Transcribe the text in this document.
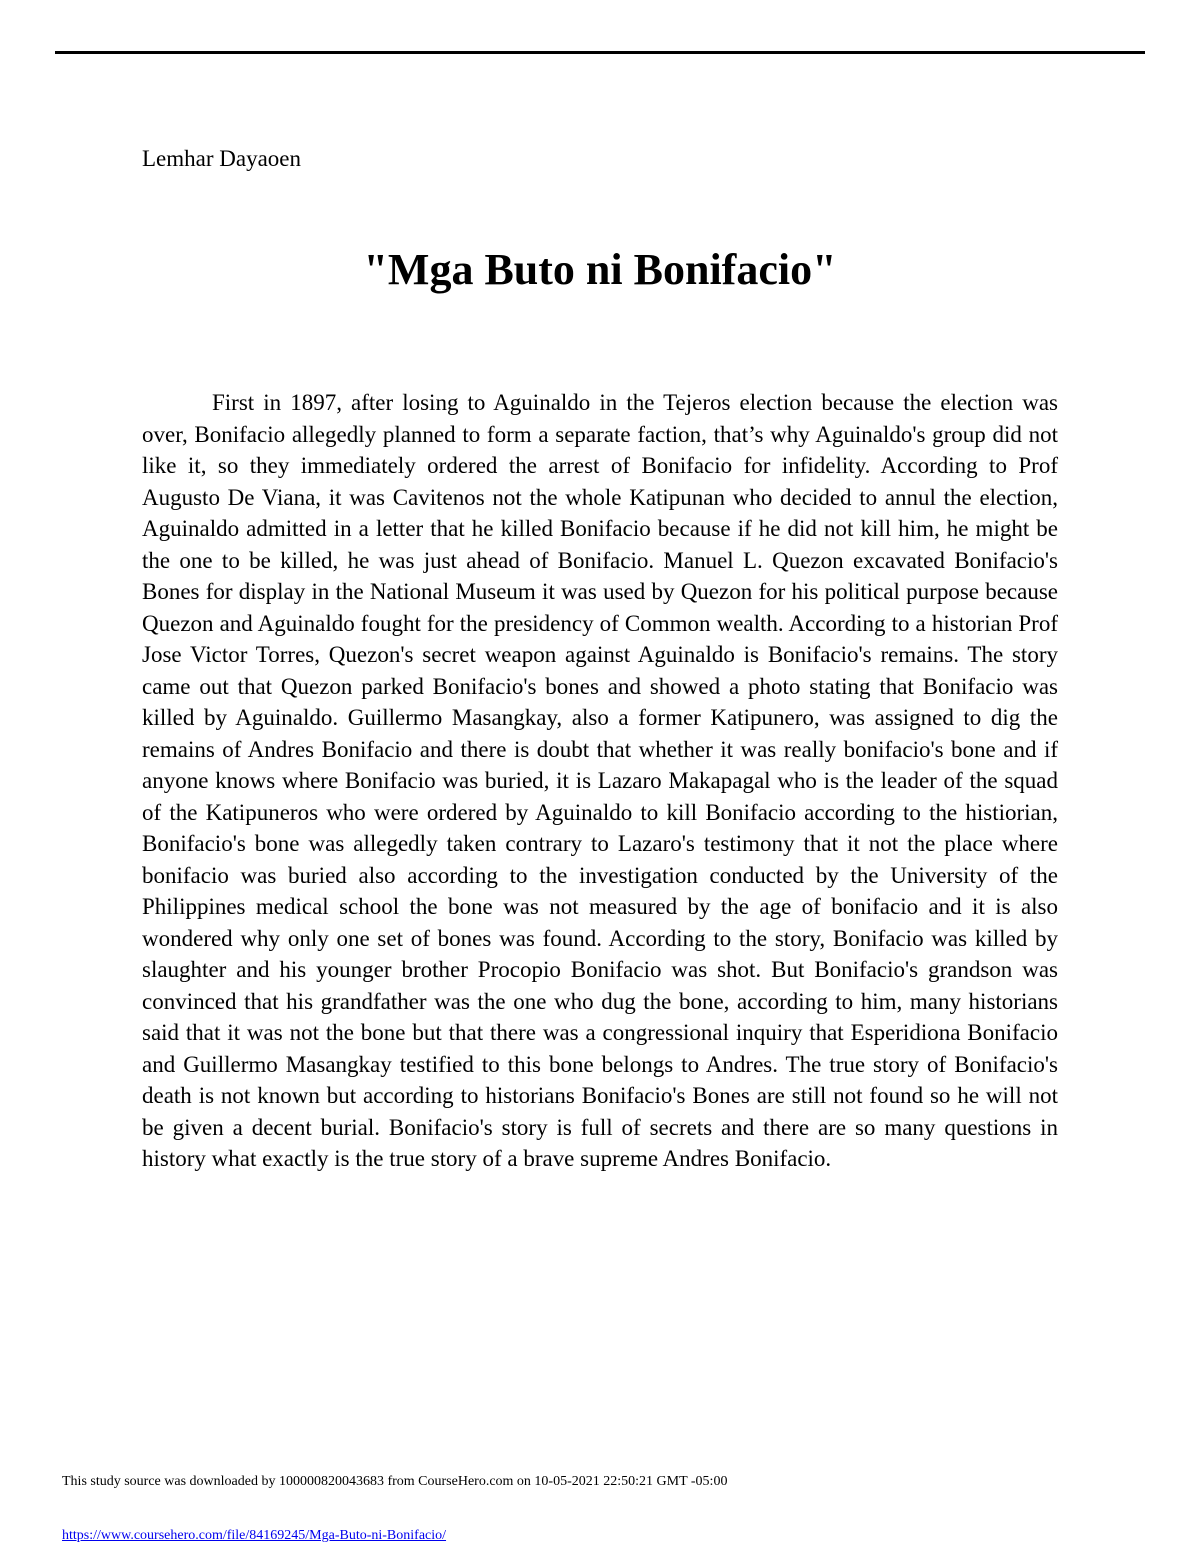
Lemhar Dayaoen
"Mga Buto ni Bonifacio"

First in 1897, after losing to Aguinaldo in the Tejeros election because the election was over, Bonifacio allegedly planned to form a separate faction, that’s why Aguinaldo's group did not like it, so they immediately ordered the arrest of Bonifacio for infidelity. According to Prof Augusto De Viana, it was Cavitenos not the whole Katipunan who decided to annul the election, Aguinaldo admitted in a letter that he killed Bonifacio because if he did not kill him, he might be the one to be killed, he was just ahead of Bonifacio. Manuel L. Quezon excavated Bonifacio's Bones for display in the National Museum it was used by Quezon for his political purpose because Quezon and Aguinaldo fought for the presidency of Common wealth. According to a historian Prof Jose Victor Torres, Quezon's secret weapon against Aguinaldo is Bonifacio's remains. The story came out that Quezon parked Bonifacio's bones and showed a photo stating that Bonifacio was killed by Aguinaldo. Guillermo Masangkay, also a former Katipunero, was assigned to dig the remains of Andres Bonifacio and there is doubt that whether it was really bonifacio's bone and if anyone knows where Bonifacio was buried, it is Lazaro Makapagal who is the leader of the squad of the Katipuneros who were ordered by Aguinaldo to kill Bonifacio according to the histiorian, Bonifacio's bone was allegedly taken contrary to Lazaro's testimony that it not the place where bonifacio was buried also according to the investigation conducted by the University of the Philippines medical school the bone was not measured by the age of bonifacio and it is also wondered why only one set of bones was found. According to the story, Bonifacio was killed by slaughter and his younger brother Procopio Bonifacio was shot. But Bonifacio's grandson was convinced that his grandfather was the one who dug the bone, according to him, many historians said that it was not the bone but that there was a congressional inquiry that Esperidiona Bonifacio and Guillermo Masangkay testified to this bone belongs to Andres. The true story of Bonifacio's death is not known but according to historians Bonifacio's Bones are still not found so he will not be given a decent burial. Bonifacio's story is full of secrets and there are so many questions in history what exactly is the true story of a brave supreme Andres Bonifacio.

This study source was downloaded by 100000820043683 from CourseHero.com on 10-05-2021 22:50:21 GMT -05:00
https://www.coursehero.com/file/84169245/Mga-Buto-ni-Bonifacio/
